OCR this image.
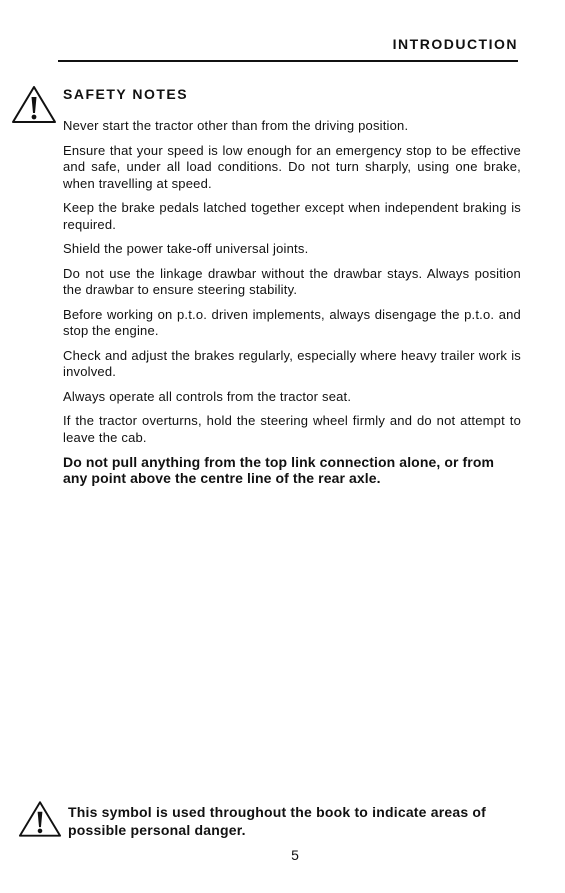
INTRODUCTION
SAFETY NOTES

Never start the tractor other than from the driving position.

Ensure that your speed is low enough for an emergency stop to be effective and safe, under all load conditions. Do not turn sharply, using one brake, when travelling at speed.

Keep the brake pedals latched together except when independent braking is required.

Shield the power take-off universal joints.

Do not use the linkage drawbar without the drawbar stays. Always position the drawbar to ensure steering stability.

Before working on p.t.o. driven implements, always disengage the p.t.o. and stop the engine.

Check and adjust the brakes regularly, especially where heavy trailer work is involved.

Always operate all controls from the tractor seat.

If the tractor overturns, hold the steering wheel firmly and do not attempt to leave the cab.

Do not pull anything from the top link connection alone, or from any point above the centre line of the rear axle.

This symbol is used throughout the book to indicate areas of possible personal danger.
5
